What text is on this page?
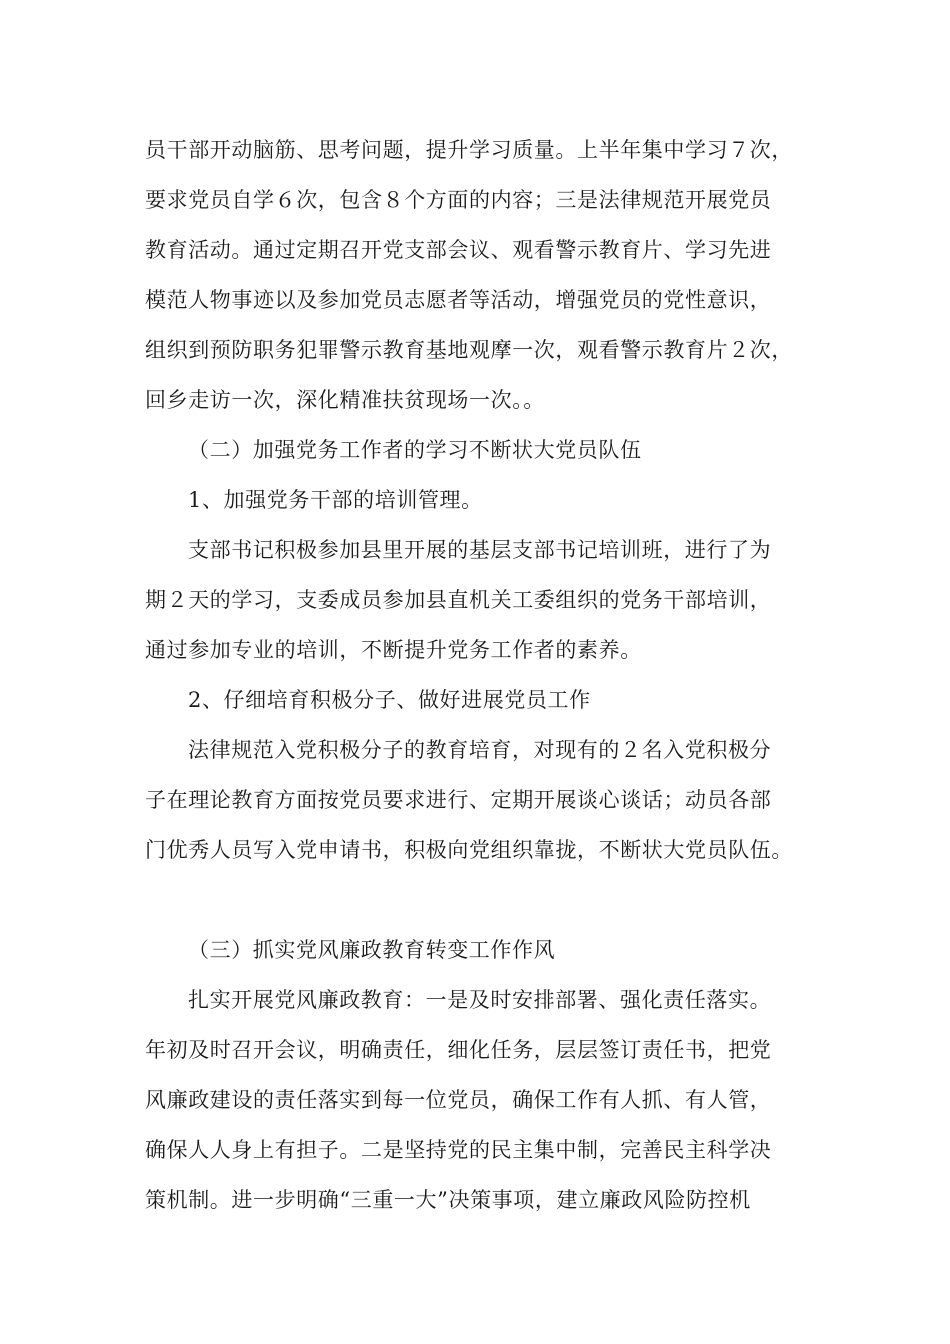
员干部开动脑筋、思考问题，提升学习质量。上半年集中学习７次，
要求党员自学６次，包含８个方面的内容；三是法律规范开展党员
教育活动。通过定期召开党支部会议、观看警示教育片、学习先进
模范人物事迹以及参加党员志愿者等活动，增强党员的党性意识，
组织到预防职务犯罪警示教育基地观摩一次，观看警示教育片２次，
回乡走访一次，深化精准扶贫现场一次。。
（二）加强党务工作者的学习不断状大党员队伍
1、加强党务干部的培训管理。
支部书记积极参加县里开展的基层支部书记培训班，进行了为
期２天的学习，支委成员参加县直机关工委组织的党务干部培训，
通过参加专业的培训，不断提升党务工作者的素养。
2、仔细培育积极分子、做好进展党员工作
法律规范入党积极分子的教育培育，对现有的２名入党积极分
子在理论教育方面按党员要求进行、定期开展谈心谈话；动员各部
门优秀人员写入党申请书，积极向党组织靠拢，不断状大党员队伍。
（三）抓实党风廉政教育转变工作作风
扎实开展党风廉政教育：一是及时安排部署、强化责任落实。
年初及时召开会议，明确责任，细化任务，层层签订责任书，把党
风廉政建设的责任落实到每一位党员，确保工作有人抓、有人管，
确保人人身上有担子。二是坚持党的民主集中制，完善民主科学决
策机制。进一步明确“三重一大”决策事项，建立廉政风险防控机
